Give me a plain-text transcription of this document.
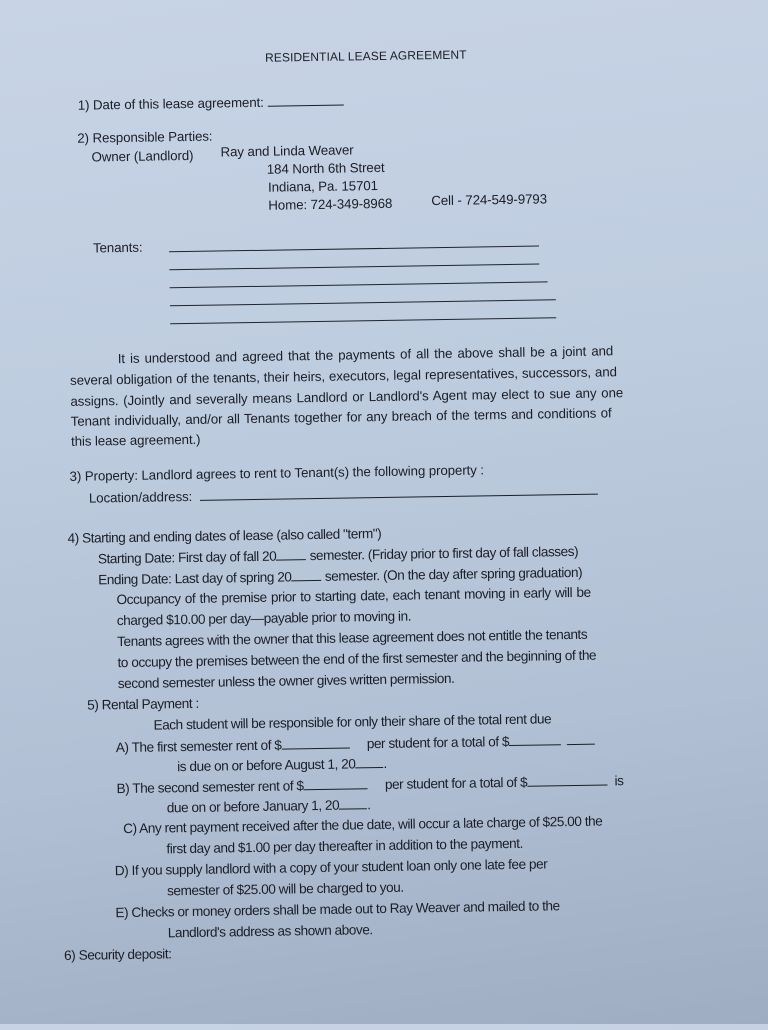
RESIDENTIAL LEASE AGREEMENT
1) Date of this lease agreement:
2) Responsible Parties:
Owner (Landlord) Ray and Linda Weaver
184 North 6th Street
Indiana, Pa. 15701
Home: 724-349-8968	Cell - 724-549-9793
Tenants:
It is understood and agreed that the payments of all the above shall be a joint and
several obligation of the tenants, their heirs, executors, legal representatives, successors, and
assigns. (Jointly and severally means Landlord or Landlord's Agent may elect to sue any one
Tenant individually, and/or all Tenants together for any breach of the terms and conditions of
this lease agreement.)
3) Property: Landlord agrees to rent to Tenant(s) the following property :
Location/address:
4) Starting and ending dates of lease (also called "term")
Starting Date: First day of fall 20 semester. (Friday prior to first day of fall classes)
Ending Date: Last day of spring 20 semester. (On the day after spring graduation)
Occupancy of the premise prior to starting date, each tenant moving in early will be
charged $10.00 per day—payable prior to moving in.
Tenants agrees with the owner that this lease agreement does not entitle the tenants
to occupy the premises between the end of the first semester and the beginning of the
second semester unless the owner gives written permission.
5) Rental Payment :
Each student will be responsible for only their share of the total rent due
A) The first semester rent of $	per student for a total of $
is due on or before August 1, 20 .
B) The second semester rent of $	per student for a total of $	is
due on or before January 1, 20 .
C) Any rent payment received after the due date, will occur a late charge of $25.00 the
first day and $1.00 per day thereafter in addition to the payment.
D) If you supply landlord with a copy of your student loan only one late fee per
semester of $25.00 will be charged to you.
E) Checks or money orders shall be made out to Ray Weaver and mailed to the
Landlord's address as shown above.
6) Security deposit:
